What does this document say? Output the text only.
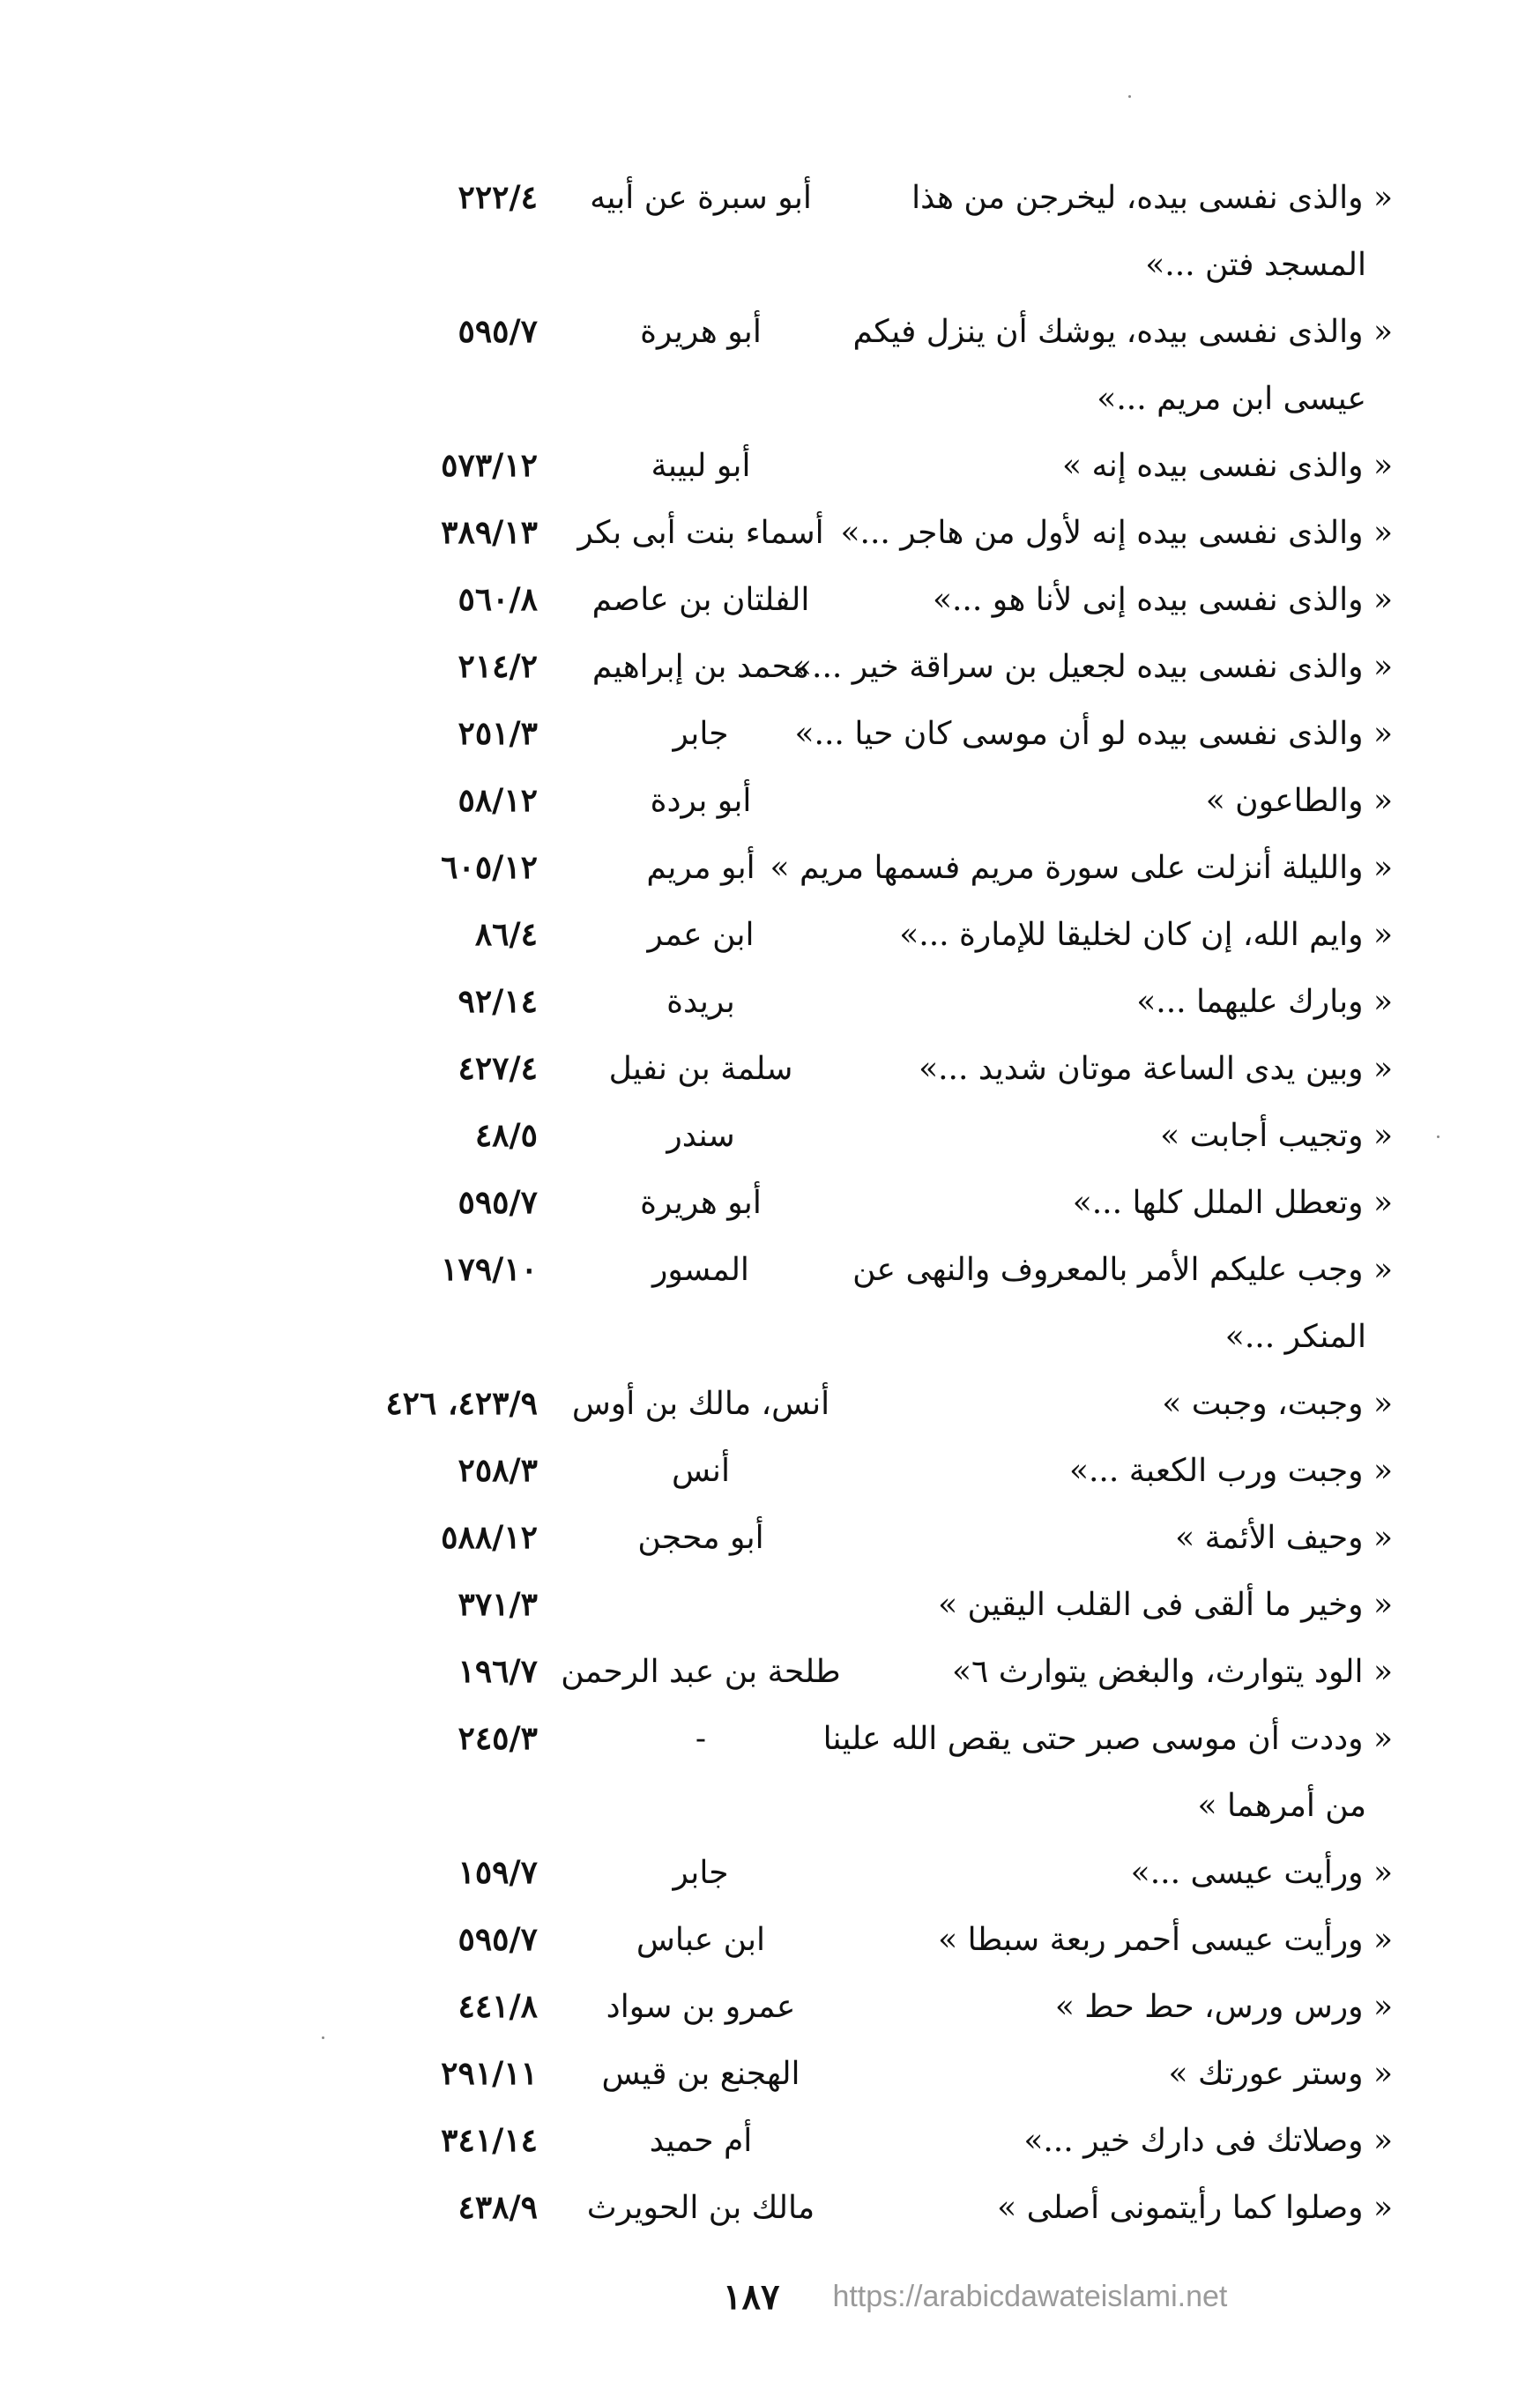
« والذى نفسى بيده، ليخرجن من هذا
أبو سبرة عن أبيه
٢٢٢/٤
المسجد فتن ...»
« والذى نفسى بيده، يوشك أن ينزل فيكم
أبو هريرة
٥٩٥/٧
عيسى ابن مريم ...»
« والذى نفسى بيده إنه »
أبو لبيبة
٥٧٣/١٢
« والذى نفسى بيده إنه لأول من هاجر ...»
أسماء بنت أبى بكر
٣٨٩/١٣
« والذى نفسى بيده إنى لأنا هو ...»
الفلتان بن عاصم
٥٦٠/٨
« والذى نفسى بيده لجعيل بن سراقة خير ...»
محمد بن إبراهيم
٢١٤/٢
« والذى نفسى بيده لو أن موسى كان حيا ...»
جابر
٢٥١/٣
« والطاعون »
أبو بردة
٥٨/١٢
« والليلة أنزلت على سورة مريم فسمها مريم »
أبو مريم
٦٠٥/١٢
« وايم الله، إن كان لخليقا للإمارة ...»
ابن عمر
٨٦/٤
« وبارك عليهما ...»
بريدة
٩٢/١٤
« وبين يدى الساعة موتان شديد ...»
سلمة بن نفيل
٤٢٧/٤
« وتجيب أجابت »
سندر
٤٨/٥
« وتعطل الملل كلها ...»
أبو هريرة
٥٩٥/٧
« وجب عليكم الأمر بالمعروف والنهى عن
المسور
١٧٩/١٠
المنكر ...»
« وجبت، وجبت »
أنس، مالك بن أوس
٤٢٣/٩، ٤٢٦
« وجبت ورب الكعبة ...»
أنس
٢٥٨/٣
« وحيف الأئمة »
أبو محجن
٥٨٨/١٢
« وخير ما ألقى فى القلب اليقين »
٣٧١/٣
« الود يتوارث، والبغض يتوارث ٦»
طلحة بن عبد الرحمن
١٩٦/٧
« وددت أن موسى صبر حتى يقص الله علينا
-
٢٤٥/٣
من أمرهما »
« ورأيت عيسى ...»
جابر
١٥٩/٧
« ورأيت عيسى أحمر ربعة سبطا »
ابن عباس
٥٩٥/٧
« ورس ورس، حط حط »
عمرو بن سواد
٤٤١/٨
« وستر عورتك »
الهجنع بن قيس
٢٩١/١١
« وصلاتك فى دارك خير ...»
أم حميد
٣٤١/١٤
« وصلوا كما رأيتمونى أصلى »
مالك بن الحويرث
٤٣٨/٩
١٨٧ https://arabicdawateislami.net
